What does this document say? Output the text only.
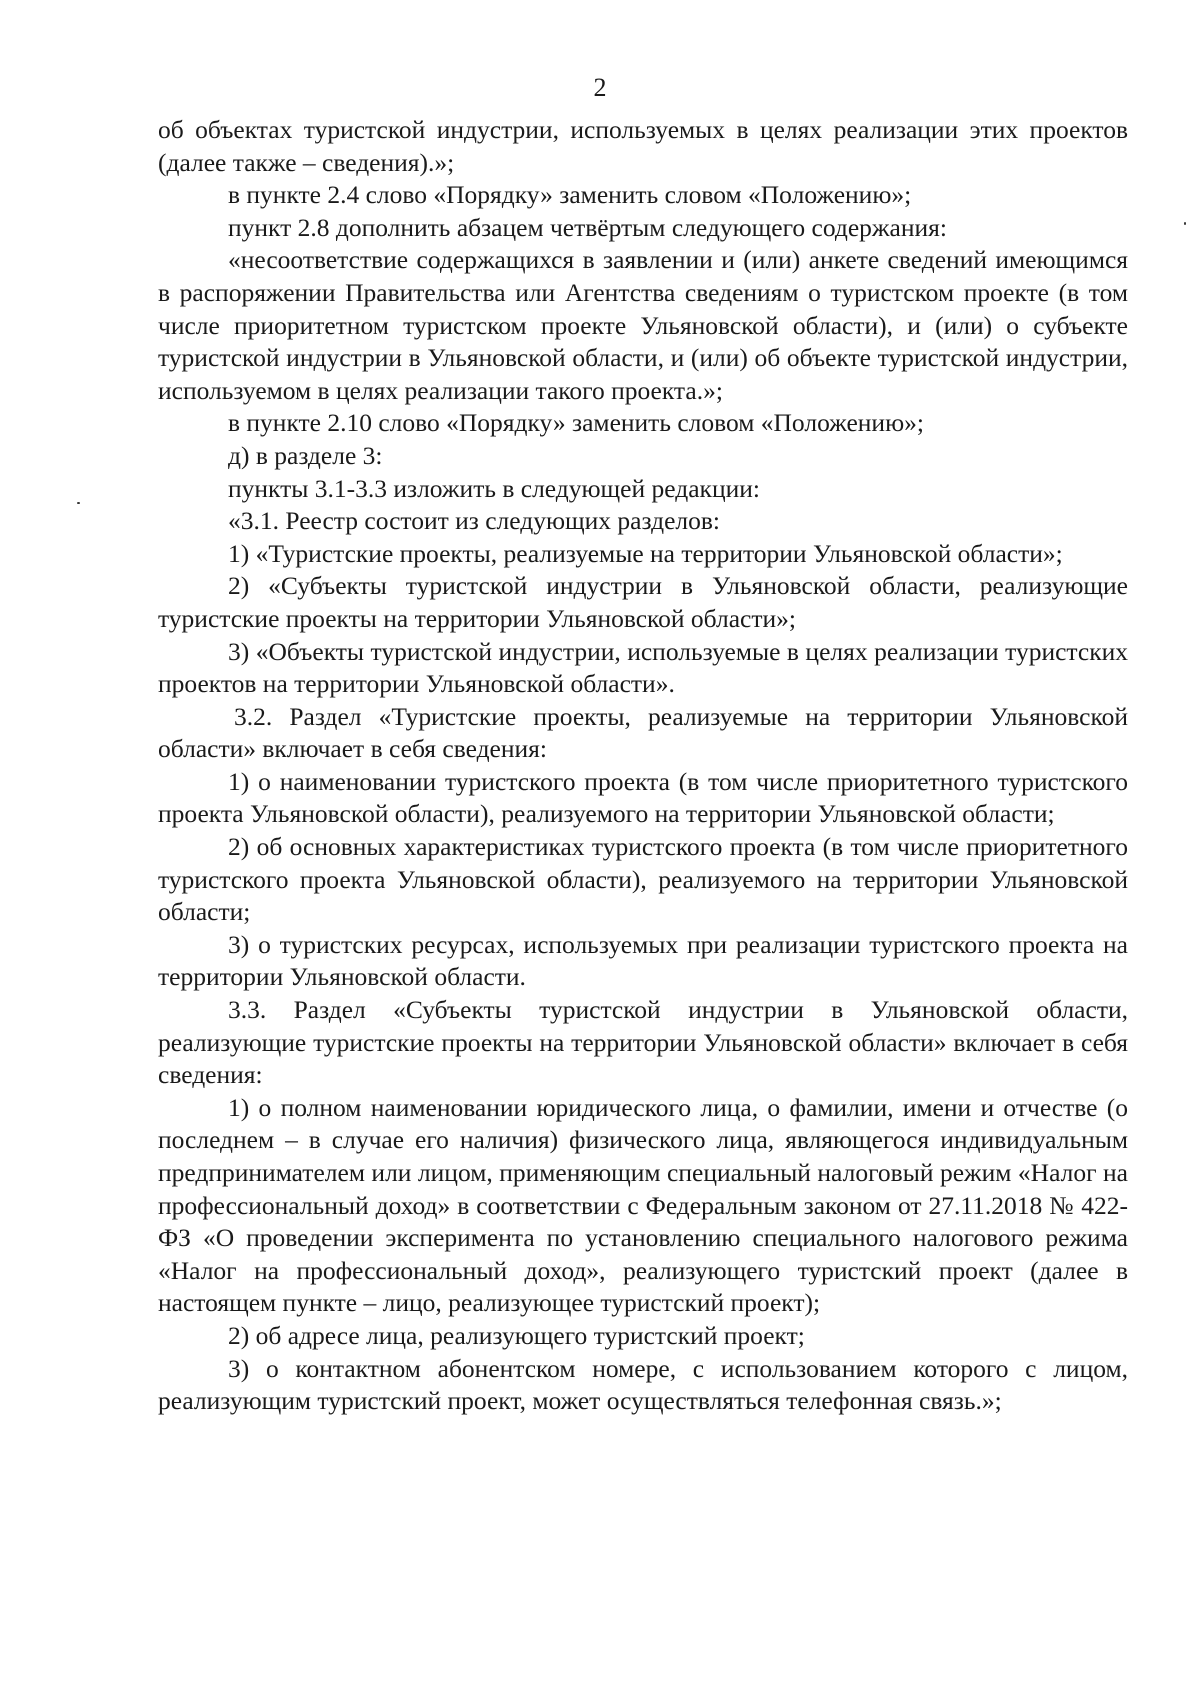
2

об объектах туристской индустрии, используемых в целях реализации этих проектов (далее также – сведения).»;

в пункте 2.4 слово «Порядку» заменить словом «Положению»;

пункт 2.8 дополнить абзацем четвёртым следующего содержания:

«несоответствие содержащихся в заявлении и (или) анкете сведений имеющимся в распоряжении Правительства или Агентства сведениям о туристском проекте (в том числе приоритетном туристском проекте Ульяновской области), и (или) о субъекте туристской индустрии в Ульяновской области, и (или) об объекте туристской индустрии, используемом в целях реализации такого проекта.»;

в пункте 2.10 слово «Порядку» заменить словом «Положению»;

д) в разделе 3:

пункты 3.1-3.3 изложить в следующей редакции:

«3.1. Реестр состоит из следующих разделов:

1) «Туристские проекты, реализуемые на территории Ульяновской области»;

2) «Субъекты туристской индустрии в Ульяновской области, реализующие туристские проекты на территории Ульяновской области»;

3) «Объекты туристской индустрии, используемые в целях реализации туристских проектов на территории Ульяновской области».

3.2. Раздел «Туристские проекты, реализуемые на территории Ульяновской области» включает в себя сведения:

1) о наименовании туристского проекта (в том числе приоритетного туристского проекта Ульяновской области), реализуемого на территории Ульяновской области;

2) об основных характеристиках туристского проекта (в том числе приоритетного туристского проекта Ульяновской области), реализуемого на территории Ульяновской области;

3) о туристских ресурсах, используемых при реализации туристского проекта на территории Ульяновской области.

3.3. Раздел «Субъекты туристской индустрии в Ульяновской области, реализующие туристские проекты на территории Ульяновской области» включает в себя сведения:

1) о полном наименовании юридического лица, о фамилии, имени и отчестве (о последнем – в случае его наличия) физического лица, являющегося индивидуальным предпринимателем или лицом, применяющим специальный налоговый режим «Налог на профессиональный доход» в соответствии с Федеральным законом от 27.11.2018 № 422-ФЗ «О проведении эксперимента по установлению специального налогового режима «Налог на профессиональный доход», реализующего туристский проект (далее в настоящем пункте – лицо, реализующее туристский проект);

2) об адресе лица, реализующего туристский проект;

3) о контактном абонентском номере, с использованием которого с лицом, реализующим туристский проект, может осуществляться телефонная связь.»;
